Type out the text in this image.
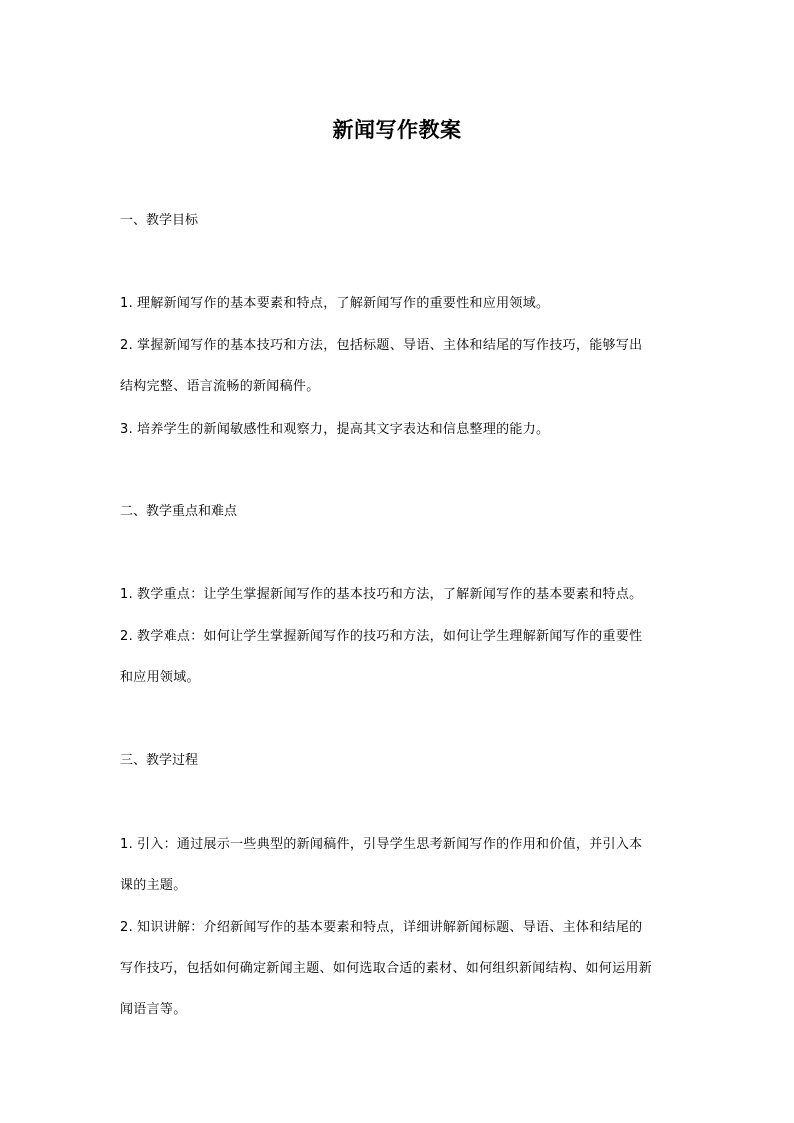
新闻写作教案
一、教学目标
1. 理解新闻写作的基本要素和特点，了解新闻写作的重要性和应用领域。
2. 掌握新闻写作的基本技巧和方法，包括标题、导语、主体和结尾的写作技巧，能够写出
结构完整、语言流畅的新闻稿件。
3. 培养学生的新闻敏感性和观察力，提高其文字表达和信息整理的能力。
二、教学重点和难点
1. 教学重点：让学生掌握新闻写作的基本技巧和方法，了解新闻写作的基本要素和特点。
2. 教学难点：如何让学生掌握新闻写作的技巧和方法，如何让学生理解新闻写作的重要性
和应用领域。
三、教学过程
1. 引入：通过展示一些典型的新闻稿件，引导学生思考新闻写作的作用和价值，并引入本
课的主题。
2. 知识讲解：介绍新闻写作的基本要素和特点，详细讲解新闻标题、导语、主体和结尾的
写作技巧，包括如何确定新闻主题、如何选取合适的素材、如何组织新闻结构、如何运用新
闻语言等。
